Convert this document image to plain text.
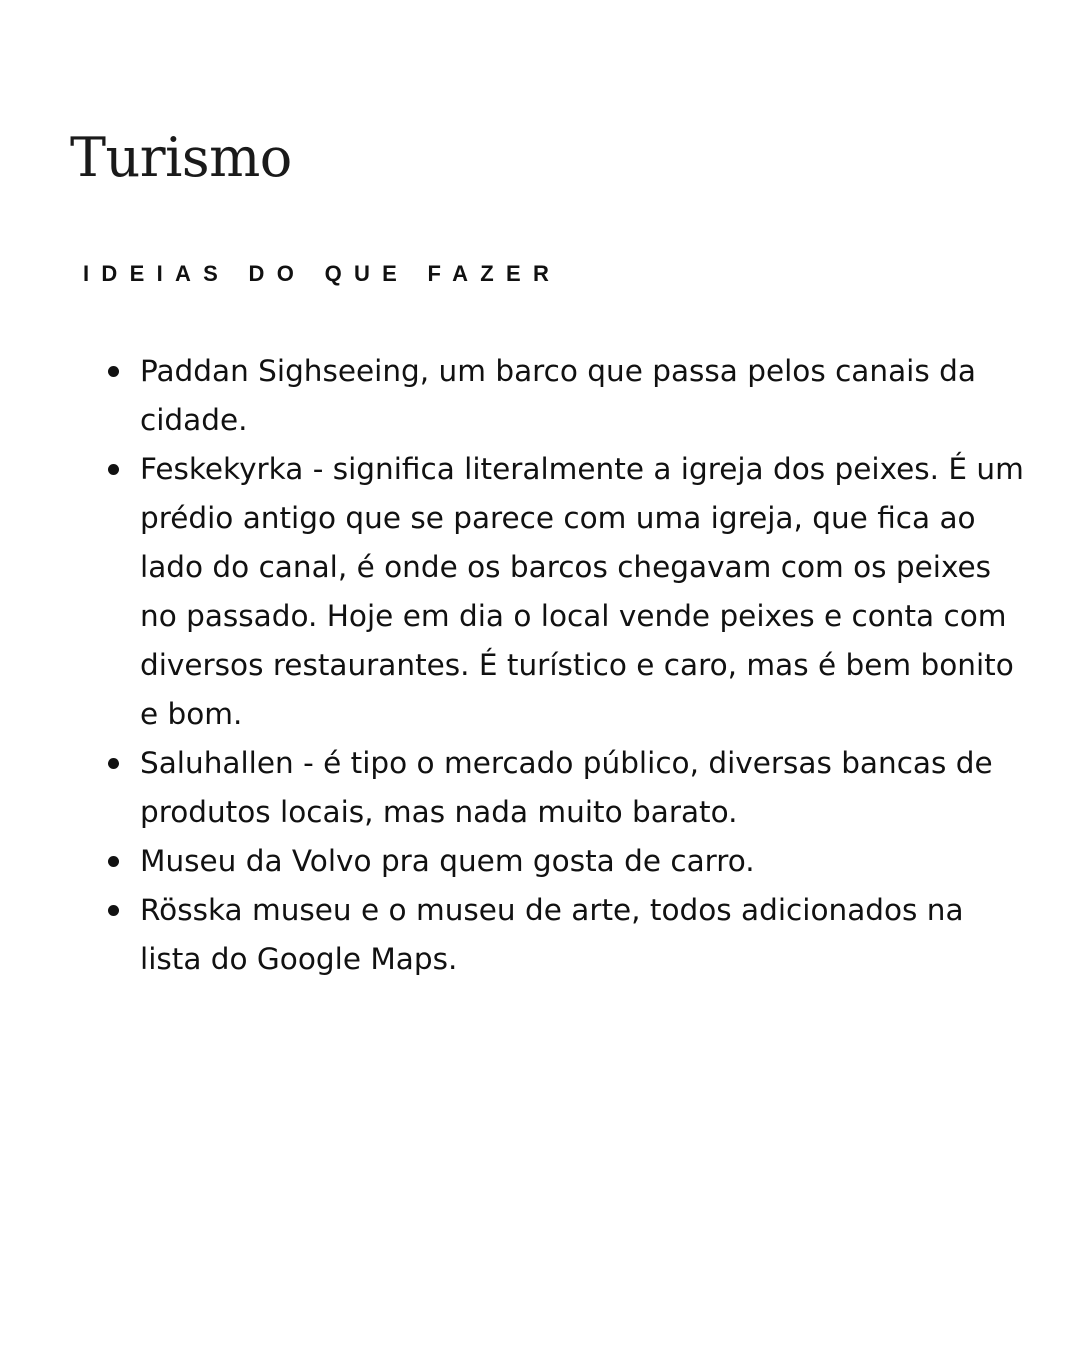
Turismo
IDEIAS DO QUE FAZER
Paddan Sighseeing, um barco que passa pelos canais da cidade.
Feskekyrka - significa literalmente a igreja dos peixes. É um prédio antigo que se parece com uma igreja, que fica ao lado do canal, é onde os barcos chegavam com os peixes no passado. Hoje em dia o local vende peixes e conta com diversos restaurantes. É turístico e caro, mas é bem bonito e bom.
Saluhallen - é tipo o mercado público, diversas bancas de produtos locais, mas nada muito barato.
Museu da Volvo pra quem gosta de carro.
Rösska museu e o museu de arte, todos adicionados na lista do Google Maps.
